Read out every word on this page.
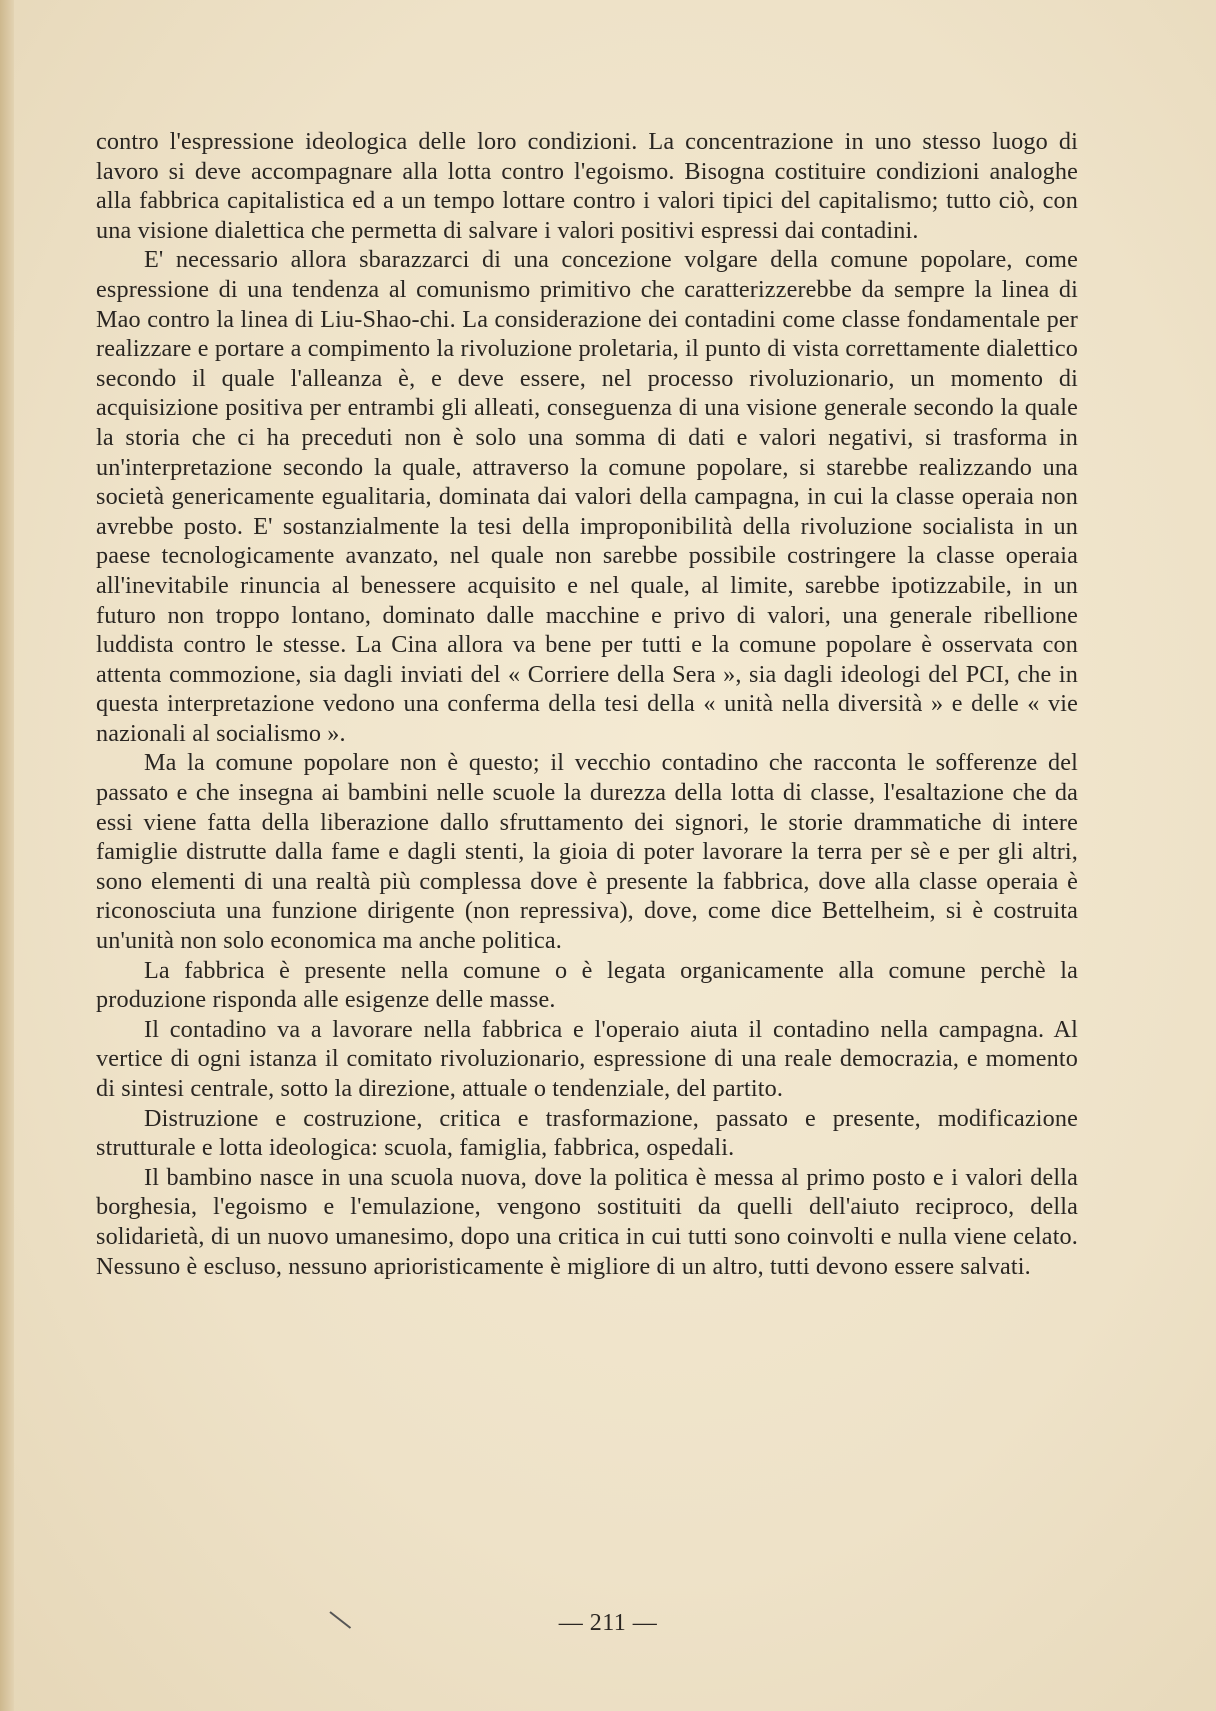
contro l'espressione ideologica delle loro condizioni. La concentrazione in uno stesso luogo di lavoro si deve accompagnare alla lotta contro l'egoismo. Bisogna costituire condizioni analoghe alla fabbrica capitalistica ed a un tempo lottare contro i valori tipici del capitalismo; tutto ciò, con una visione dialettica che permetta di salvare i valori positivi espressi dai contadini.

E' necessario allora sbarazzarci di una concezione volgare della comune popolare, come espressione di una tendenza al comunismo primitivo che caratterizzerebbe da sempre la linea di Mao contro la linea di Liu-Shao-chi. La considerazione dei contadini come classe fondamentale per realizzare e portare a compimento la rivoluzione proletaria, il punto di vista correttamente dialettico secondo il quale l'alleanza è, e deve essere, nel processo rivoluzionario, un momento di acquisizione positiva per entrambi gli alleati, conseguenza di una visione generale secondo la quale la storia che ci ha preceduti non è solo una somma di dati e valori negativi, si trasforma in un'interpretazione secondo la quale, attraverso la comune popolare, si starebbe realizzando una società genericamente egualitaria, dominata dai valori della campagna, in cui la classe operaia non avrebbe posto. E' sostanzialmente la tesi della improponibilità della rivoluzione socialista in un paese tecnologicamente avanzato, nel quale non sarebbe possibile costringere la classe operaia all'inevitabile rinuncia al benessere acquisito e nel quale, al limite, sarebbe ipotizzabile, in un futuro non troppo lontano, dominato dalle macchine e privo di valori, una generale ribellione luddista contro le stesse. La Cina allora va bene per tutti e la comune popolare è osservata con attenta commozione, sia dagli inviati del « Corriere della Sera », sia dagli ideologi del PCI, che in questa interpretazione vedono una conferma della tesi della « unità nella diversità » e delle « vie nazionali al socialismo ».

Ma la comune popolare non è questo; il vecchio contadino che racconta le sofferenze del passato e che insegna ai bambini nelle scuole la durezza della lotta di classe, l'esaltazione che da essi viene fatta della liberazione dallo sfruttamento dei signori, le storie drammatiche di intere famiglie distrutte dalla fame e dagli stenti, la gioia di poter lavorare la terra per sè e per gli altri, sono elementi di una realtà più complessa dove è presente la fabbrica, dove alla classe operaia è riconosciuta una funzione dirigente (non repressiva), dove, come dice Bettelheim, si è costruita un'unità non solo economica ma anche politica.

La fabbrica è presente nella comune o è legata organicamente alla comune perchè la produzione risponda alle esigenze delle masse.

Il contadino va a lavorare nella fabbrica e l'operaio aiuta il contadino nella campagna. Al vertice di ogni istanza il comitato rivoluzionario, espressione di una reale democrazia, e momento di sintesi centrale, sotto la direzione, attuale o tendenziale, del partito.

Distruzione e costruzione, critica e trasformazione, passato e presente, modificazione strutturale e lotta ideologica: scuola, famiglia, fabbrica, ospedali.

Il bambino nasce in una scuola nuova, dove la politica è messa al primo posto e i valori della borghesia, l'egoismo e l'emulazione, vengono sostituiti da quelli dell'aiuto reciproco, della solidarietà, di un nuovo umanesimo, dopo una critica in cui tutti sono coinvolti e nulla viene celato. Nessuno è escluso, nessuno aprioristicamente è migliore di un altro, tutti devono essere salvati.

— 211 —
